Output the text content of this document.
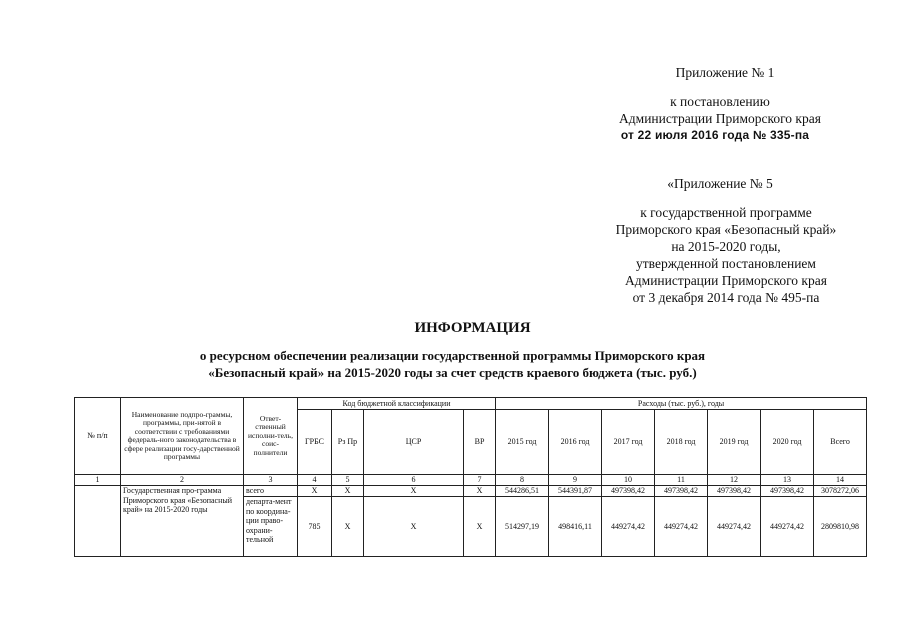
Приложение № 1
к постановлению
Администрации Приморского края
от 22 июля 2016 года № 335-па
«Приложение № 5
к государственной программе
Приморского края «Безопасный край»
на 2015-2020 годы,
утвержденной постановлением
Администрации Приморского края
от 3 декабря 2014 года № 495-па
ИНФОРМАЦИЯ
о ресурсном обеспечении реализации государственной программы Приморского края
«Безопасный край» на 2015-2020 годы за счет средств краевого бюджета (тыс. руб.)
№ п/п	Наименование подпро-граммы, программы, при-нятой в соответствии с требованиями федераль-ного законодательства в сфере реализации госу-дарственной программы	Ответ-ственный исполни-тель, соис-полнители	Код бюджетной классификации				Расходы (тыс. руб.), годы						
			ГРБС	Рз Пр	ЦСР	ВР	2015 год	2016 год	2017 год	2018 год	2019 год	2020 год	Всего
1	2	3	4	5	6	7	8	9	10	11	12	13	14
	Государственная про-грамма Приморского края «Безопасный край» на 2015-2020 годы	всего	Х	Х	Х	Х	544286,51	544391,87	497398,42	497398,42	497398,42	497398,42	3078272,06
		департа-мент по координа-ции право-охрани-тельной	785	Х	Х	Х	514297,19	498416,11	449274,42	449274,42	449274,42	449274,42	2809810,98
